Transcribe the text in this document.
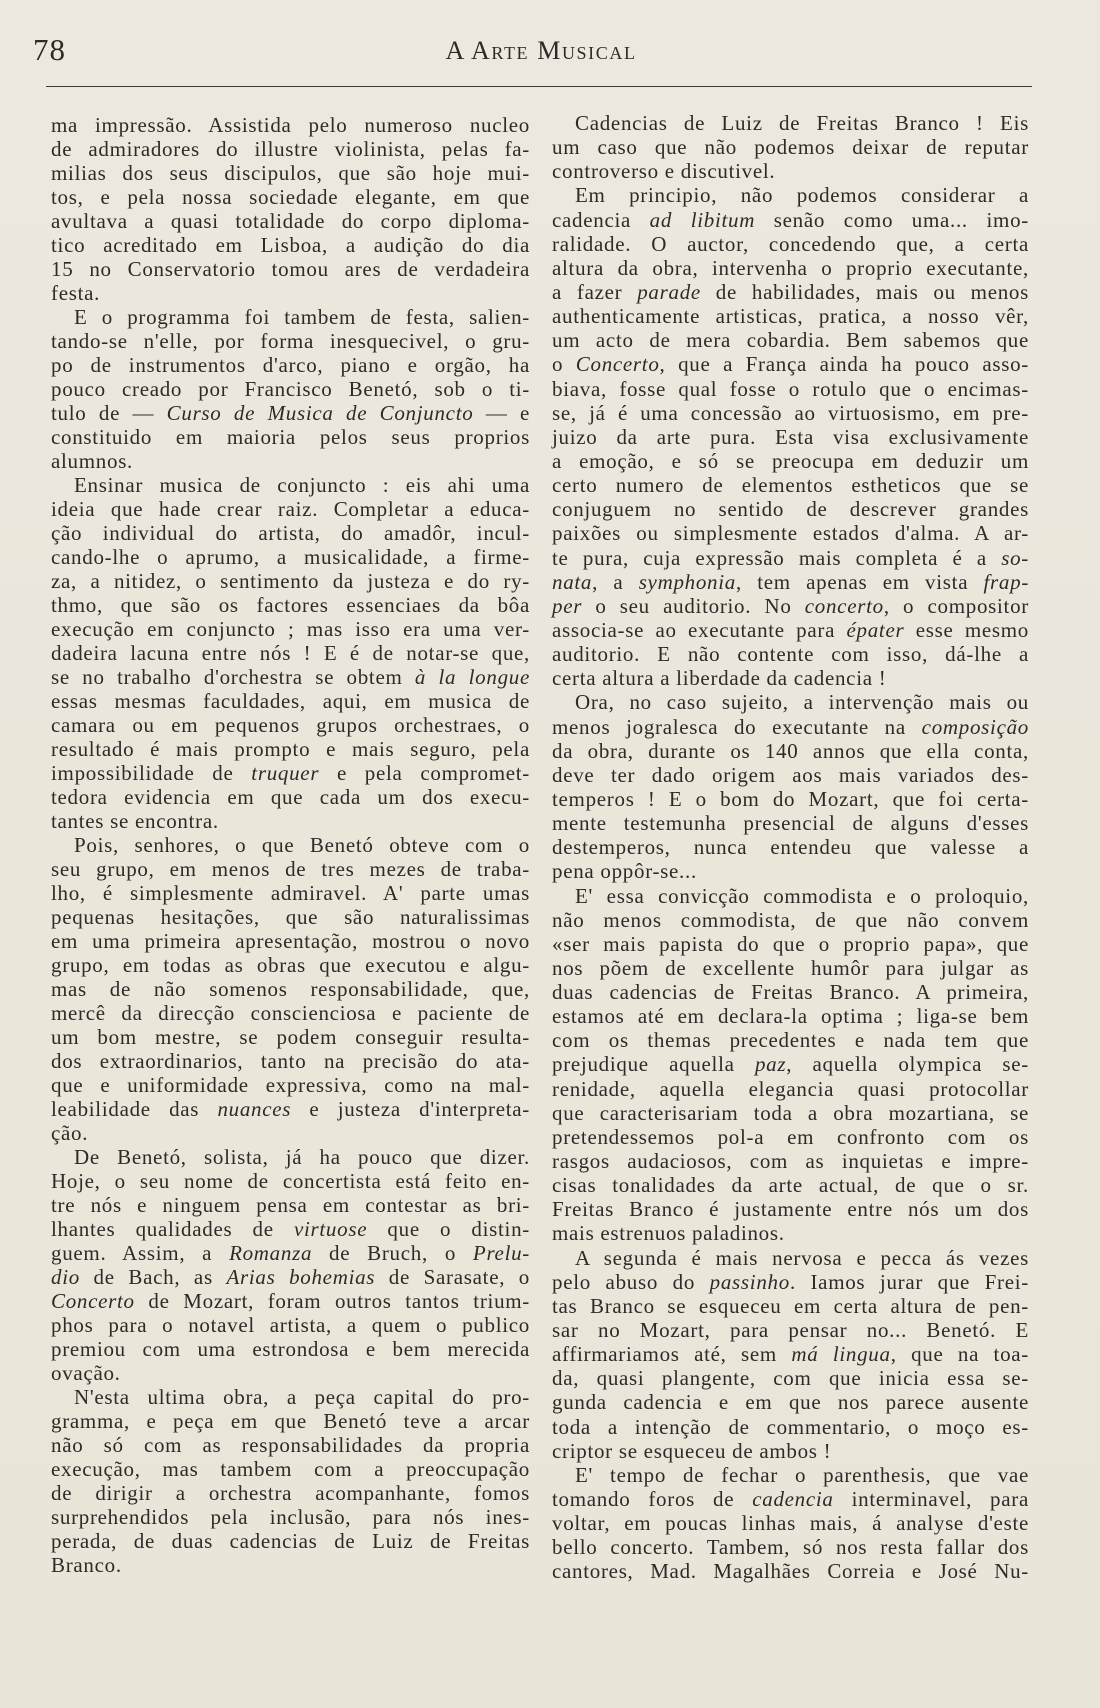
78	A Arte Musical
ma impressão. Assistida pelo numeroso nucleo
de admiradores do illustre violinista, pelas fa-
milias dos seus discipulos, que são hoje mui-
tos, e pela nossa sociedade elegante, em que
avultava a quasi totalidade do corpo diploma-
tico acreditado em Lisboa, a audição do dia
15 no Conservatorio tomou ares de verdadeira
festa.
E o programma foi tambem de festa, salien-
tando-se n'elle, por forma inesquecivel, o gru-
po de instrumentos d'arco, piano e orgão, ha
pouco creado por Francisco Benetó, sob o ti-
tulo de — Curso de Musica de Conjuncto — e
constituido em maioria pelos seus proprios
alumnos.
Ensinar musica de conjuncto : eis ahi uma
ideia que hade crear raiz. Completar a educa-
ção individual do artista, do amadôr, incul-
cando-lhe o aprumo, a musicalidade, a firme-
za, a nitidez, o sentimento da justeza e do ry-
thmo, que são os factores essenciaes da bôa
execução em conjuncto ; mas isso era uma ver-
dadeira lacuna entre nós ! E é de notar-se que,
se no trabalho d'orchestra se obtem à la longue
essas mesmas faculdades, aqui, em musica de
camara ou em pequenos grupos orchestraes, o
resultado é mais prompto e mais seguro, pela
impossibilidade de truquer e pela compromet-
tedora evidencia em que cada um dos execu-
tantes se encontra.
Pois, senhores, o que Benetó obteve com o
seu grupo, em menos de tres mezes de traba-
lho, é simplesmente admiravel. A' parte umas
pequenas hesitações, que são naturalissimas
em uma primeira apresentação, mostrou o novo
grupo, em todas as obras que executou e algu-
mas de não somenos responsabilidade, que,
mercê da direcção conscienciosa e paciente de
um bom mestre, se podem conseguir resulta-
dos extraordinarios, tanto na precisão do ata-
que e uniformidade expressiva, como na mal-
leabilidade das nuances e justeza d'interpreta-
ção.
De Benetó, solista, já ha pouco que dizer.
Hoje, o seu nome de concertista está feito en-
tre nós e ninguem pensa em contestar as bri-
lhantes qualidades de virtuose que o distin-
guem. Assim, a Romanza de Bruch, o Prelu-
dio de Bach, as Arias bohemias de Sarasate, o
Concerto de Mozart, foram outros tantos trium-
phos para o notavel artista, a quem o publico
premiou com uma estrondosa e bem merecida
ovação.
N'esta ultima obra, a peça capital do pro-
gramma, e peça em que Benetó teve a arcar
não só com as responsabilidades da propria
execução, mas tambem com a preoccupação
de dirigir a orchestra acompanhante, fomos
surprehendidos pela inclusão, para nós ines-
perada, de duas cadencias de Luiz de Freitas
Branco.
Cadencias de Luiz de Freitas Branco ! Eis
um caso que não podemos deixar de reputar
controverso e discutivel.
Em principio, não podemos considerar a
cadencia ad libitum senão como uma... imo-
ralidade. O auctor, concedendo que, a certa
altura da obra, intervenha o proprio executante,
a fazer parade de habilidades, mais ou menos
authenticamente artisticas, pratica, a nosso vêr,
um acto de mera cobardia. Bem sabemos que
o Concerto, que a França ainda ha pouco asso-
biava, fosse qual fosse o rotulo que o encimas-
se, já é uma concessão ao virtuosismo, em pre-
juizo da arte pura. Esta visa exclusivamente
a emoção, e só se preocupa em deduzir um
certo numero de elementos estheticos que se
conjuguem no sentido de descrever grandes
paixões ou simplesmente estados d'alma. A ar-
te pura, cuja expressão mais completa é a so-
nata, a symphonia, tem apenas em vista frap-
per o seu auditorio. No concerto, o compositor
associa-se ao executante para épater esse mesmo
auditorio. E não contente com isso, dá-lhe a
certa altura a liberdade da cadencia !
Ora, no caso sujeito, a intervenção mais ou
menos jogralesca do executante na composição
da obra, durante os 140 annos que ella conta,
deve ter dado origem aos mais variados des-
temperos ! E o bom do Mozart, que foi certa-
mente testemunha presencial de alguns d'esses
destemperos, nunca entendeu que valesse a
pena oppôr-se...
E' essa convicção commodista e o proloquio,
não menos commodista, de que não convem
«ser mais papista do que o proprio papa», que
nos põem de excellente humôr para julgar as
duas cadencias de Freitas Branco. A primeira,
estamos até em declara-la optima ; liga-se bem
com os themas precedentes e nada tem que
prejudique aquella paz, aquella olympica se-
renidade, aquella elegancia quasi protocollar
que caracterisariam toda a obra mozartiana, se
pretendessemos pol-a em confronto com os
rasgos audaciosos, com as inquietas e impre-
cisas tonalidades da arte actual, de que o sr.
Freitas Branco é justamente entre nós um dos
mais estrenuos paladinos.
A segunda é mais nervosa e pecca ás vezes
pelo abuso do passinho. Iamos jurar que Frei-
tas Branco se esqueceu em certa altura de pen-
sar no Mozart, para pensar no... Benetó. E
affirmariamos até, sem má lingua, que na toa-
da, quasi plangente, com que inicia essa se-
gunda cadencia e em que nos parece ausente
toda a intenção de commentario, o moço es-
criptor se esqueceu de ambos !
E' tempo de fechar o parenthesis, que vae
tomando foros de cadencia interminavel, para
voltar, em poucas linhas mais, á analyse d'este
bello concerto. Tambem, só nos resta fallar dos
cantores, Mad. Magalhães Correia e José Nu-
